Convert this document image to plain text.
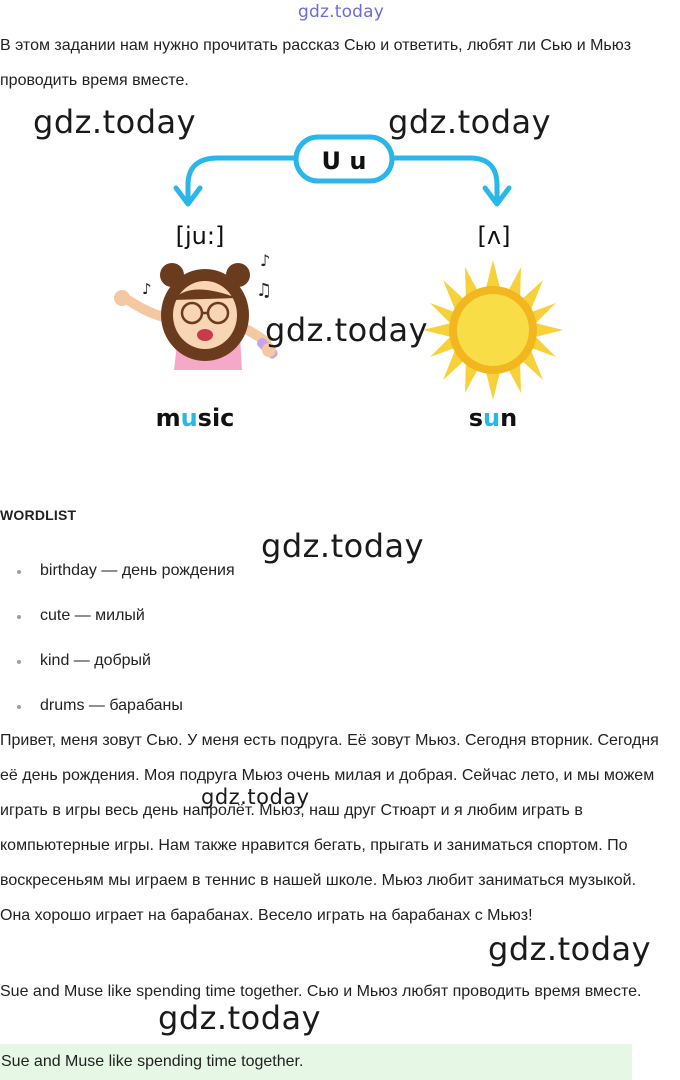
В этом задании нам нужно прочитать рассказ Сью и ответить, любят ли Сью и Мьюз проводить время вместе.

U u
[ju:]	[ʌ]
♪
♫
♪
music	sun
WORDLIST
birthday — день рождения
cute — милый
kind — добрый
drums — барабаны

Привет, меня зовут Сью. У меня есть подруга. Её зовут Мьюз. Сегодня вторник. Сегодня её день рождения. Моя подруга Мьюз очень милая и добрая. Сейчас лето, и мы можем играть в игры весь день напролёт. Мьюз, наш друг Стюарт и я любим играть в компьютерные игры. Нам также нравится бегать, прыгать и заниматься спортом. По воскресеньям мы играем в теннис в нашей школе. Мьюз любит заниматься музыкой. Она хорошо играет на барабанах. Весело играть на барабанах с Мьюз!

Sue and Muse like spending time together. Сью и Мьюз любят проводить время вместе.

Sue and Muse like spending time together.
gdz.today
gdz.today	gdz.today
gdz.today
gdz.today
gdz.today
gdz.today
gdz.today
